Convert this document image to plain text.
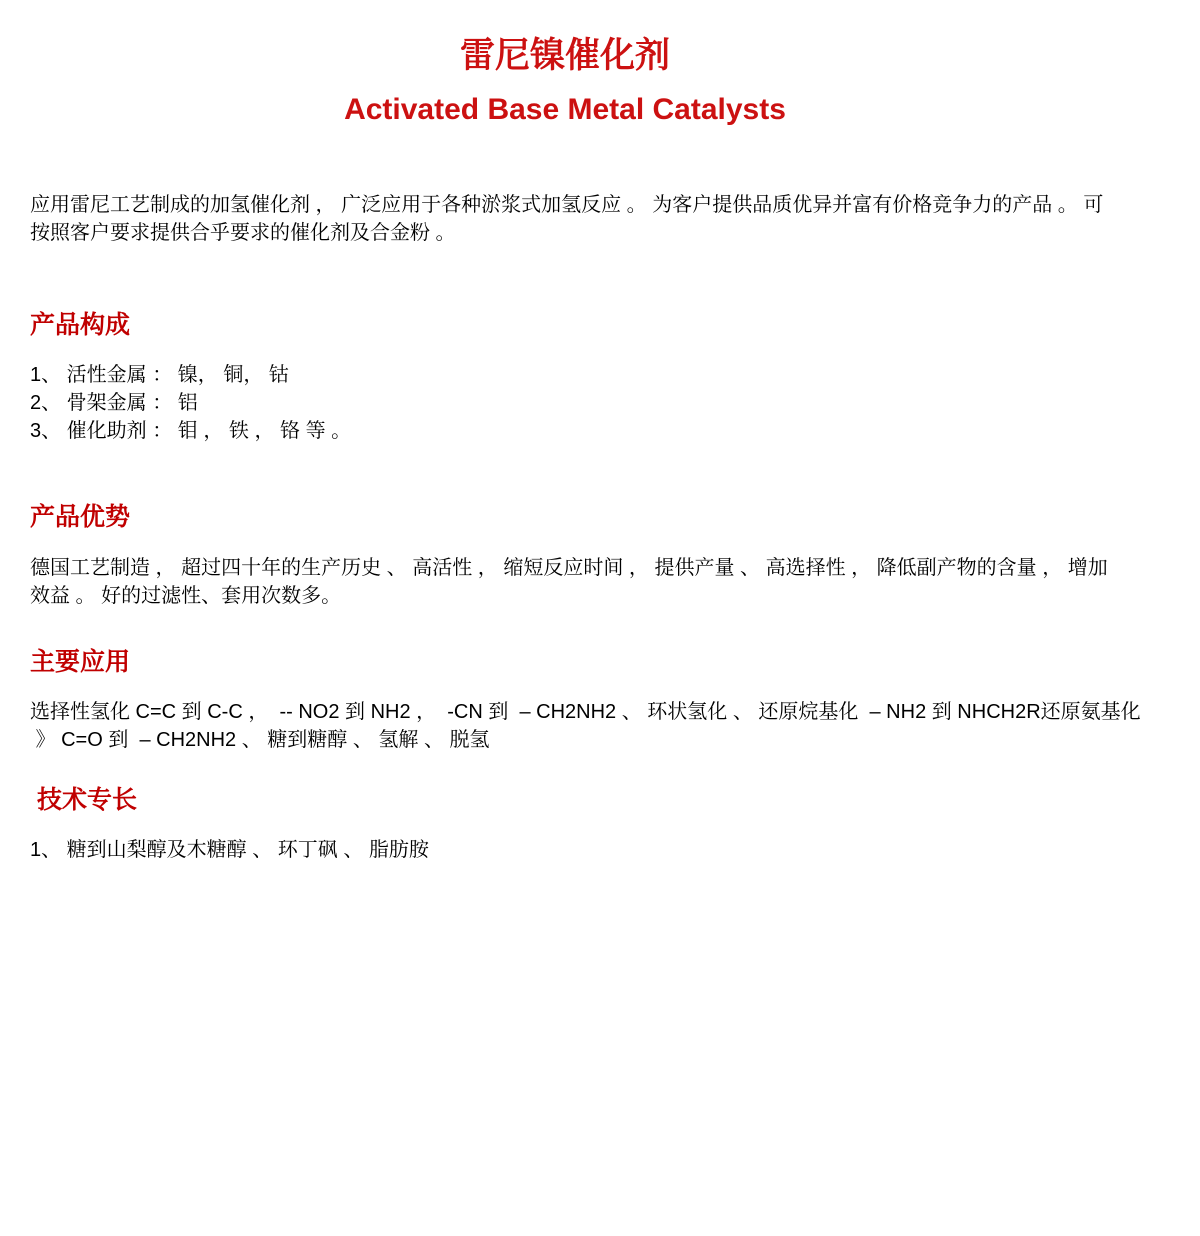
雷尼镍催化剂
Activated Base Metal Catalysts

应用雷尼工艺制成的加氢催化剂 ， 广泛应用于各种淤浆式加氢反应 。 为客户提供品质优异并富有价格竞争力的产品 。 可
按照客户要求提供合乎要求的催化剂及合金粉 。

产品构成
1、 活性金属 ： 镍， 铜， 钴
2、 骨架金属 ： 铝
3、 催化助剂 ： 钼 ， 铁 ， 铬 等 。
产品优势
德国工艺制造 ， 超过四十年的生产历史 、 高活性 ， 缩短反应时间 ， 提供产量 、 高选择性 ， 降低副产物的含量 ， 增加
效益 。 好的过滤性、套用次数多。
主要应用
选择性氢化 C=C 到 C-C ，  -- NO2 到 NH2 ，  -CN 到  – CH2NH2 、 环状氢化 、 还原烷基化  – NH2 到 NHCH2R还原氨基化
》 C=O 到  – CH2NH2 、 糖到糖醇 、 氢解 、 脱氢
技术专长
1、 糖到山梨醇及木糖醇 、 环丁砜 、 脂肪胺
